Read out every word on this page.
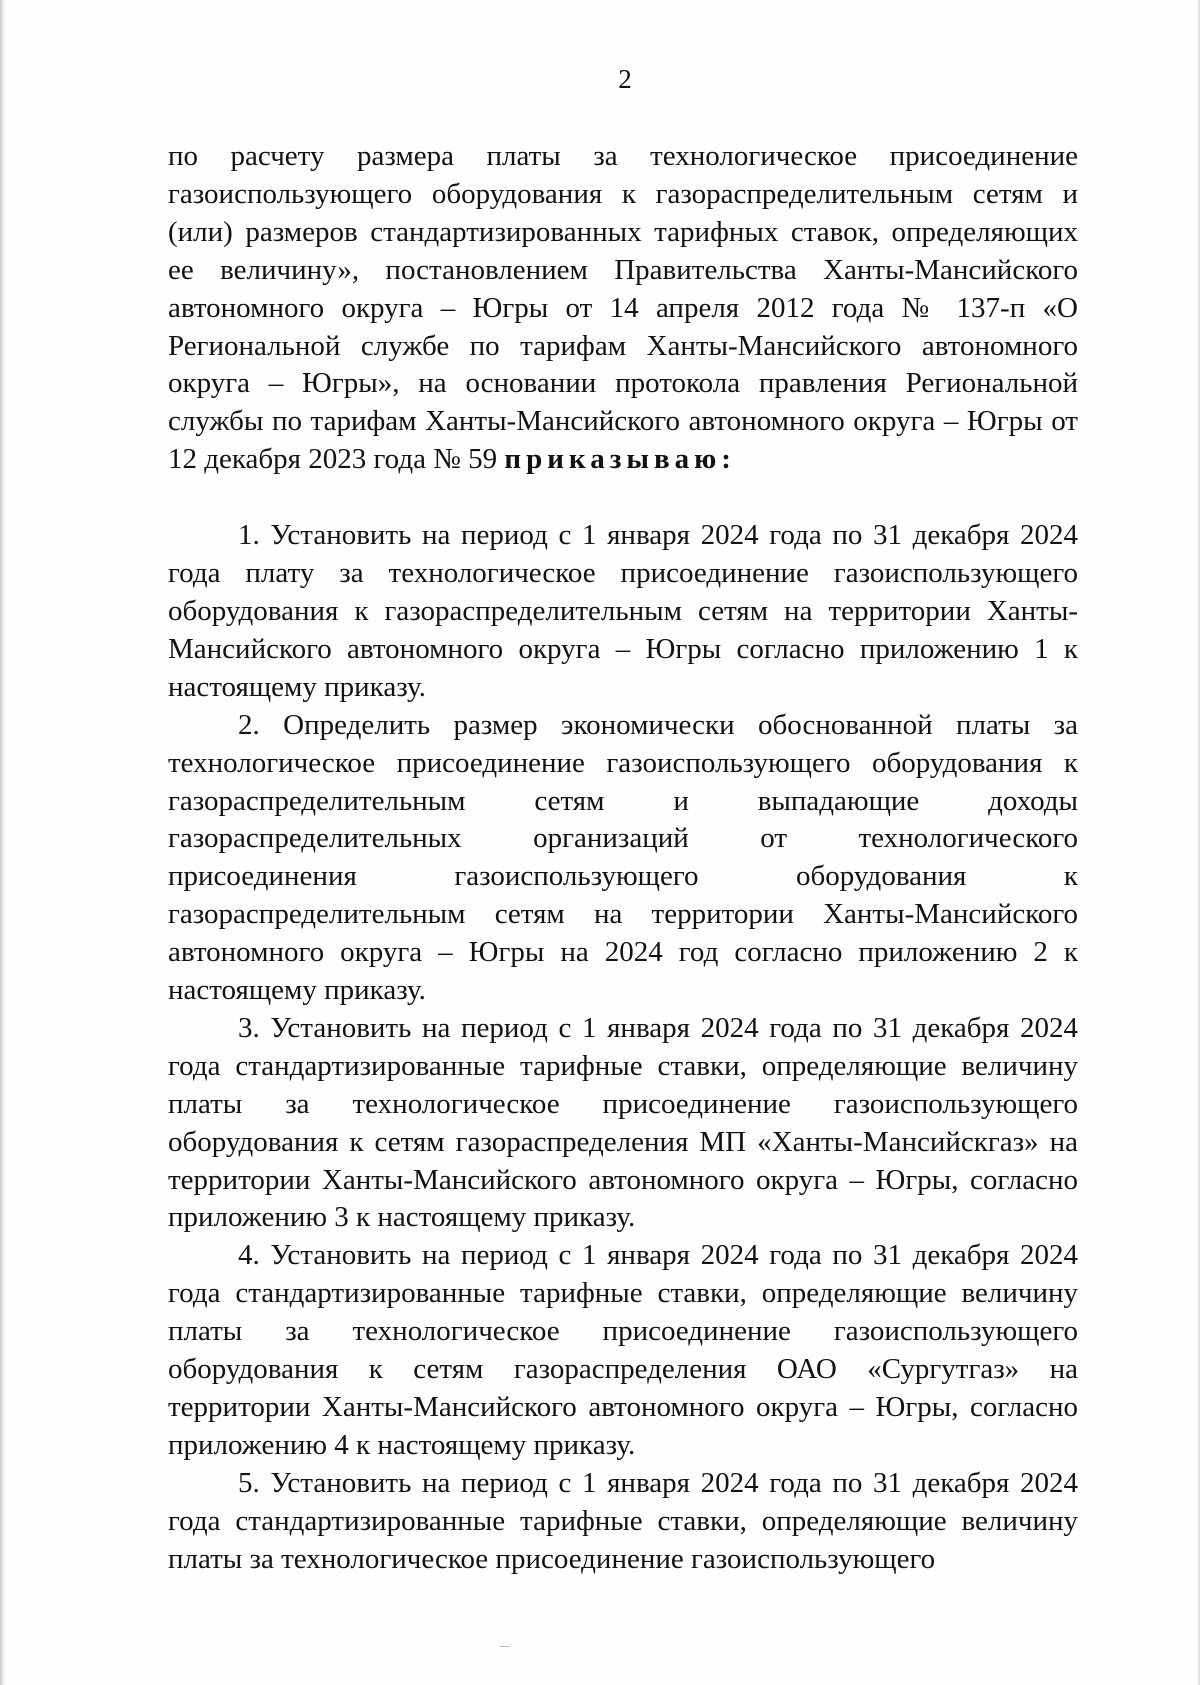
2

по расчету размера платы за технологическое присоединение газоиспользующего оборудования к газораспределительным сетям и (или) размеров стандартизированных тарифных ставок, определяющих ее величину», постановлением Правительства Ханты-Мансийского автономного округа – Югры от 14 апреля 2012 года № 137-п «О Региональной службе по тарифам Ханты-Мансийского автономного округа – Югры», на основании протокола правления Региональной службы по тарифам Ханты-Мансийского автономного округа – Югры от 12 декабря 2023 года № 59 приказываю:

1. Установить на период с 1 января 2024 года по 31 декабря 2024 года плату за технологическое присоединение газоиспользующего оборудования к газораспределительным сетям на территории Ханты-Мансийского автономного округа – Югры согласно приложению 1 к настоящему приказу.

2. Определить размер экономически обоснованной платы за технологическое присоединение газоиспользующего оборудования к газораспределительным сетям и выпадающие доходы газораспределительных организаций от технологического присоединения газоиспользующего оборудования к газораспределительным сетям на территории Ханты-Мансийского автономного округа – Югры на 2024 год согласно приложению 2 к настоящему приказу.

3. Установить на период с 1 января 2024 года по 31 декабря 2024 года стандартизированные тарифные ставки, определяющие величину платы за технологическое присоединение газоиспользующего оборудования к сетям газораспределения МП «Ханты-Мансийскгаз» на территории Ханты-Мансийского автономного округа – Югры, согласно приложению 3 к настоящему приказу.

4. Установить на период с 1 января 2024 года по 31 декабря 2024 года стандартизированные тарифные ставки, определяющие величину платы за технологическое присоединение газоиспользующего оборудования к сетям газораспределения ОАО «Сургутгаз» на территории Ханты-Мансийского автономного округа – Югры, согласно приложению 4 к настоящему приказу.

5. Установить на период с 1 января 2024 года по 31 декабря 2024 года стандартизированные тарифные ставки, определяющие величину платы за технологическое присоединение газоиспользующего
